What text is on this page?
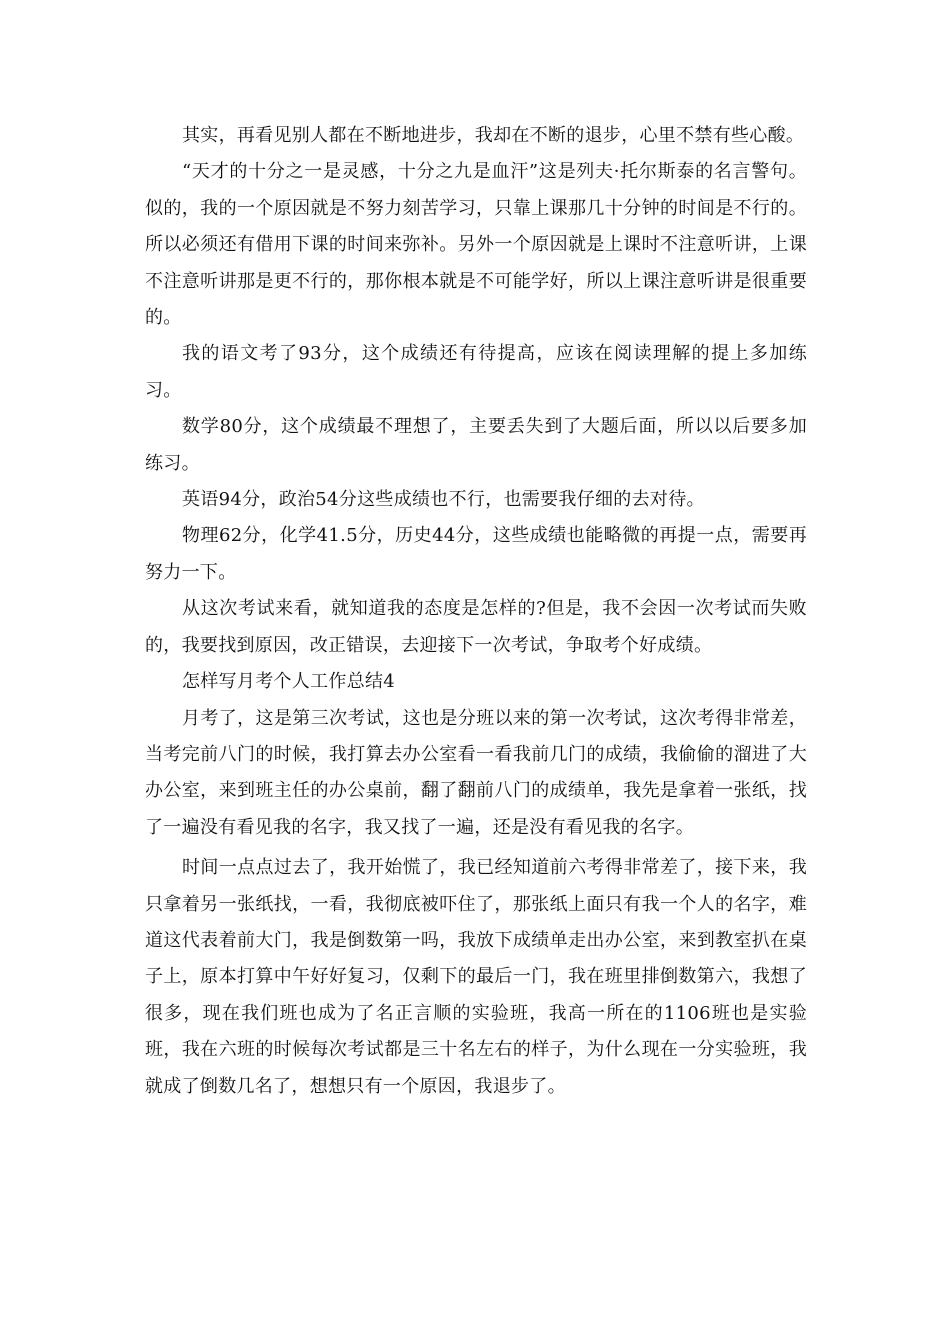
其实，再看见别人都在不断地进步，我却在不断的退步，心里不禁有些心酸。

“天才的十分之一是灵感，十分之九是血汗”这是列夫·托尔斯泰的名言警句。似的，我的一个原因就是不努力刻苦学习，只靠上课那几十分钟的时间是不行的。所以必须还有借用下课的时间来弥补。另外一个原因就是上课时不注意听讲，上课不注意听讲那是更不行的，那你根本就是不可能学好，所以上课注意听讲是很重要的。

我的语文考了93分，这个成绩还有待提高，应该在阅读理解的提上多加练习。

数学80分，这个成绩最不理想了，主要丢失到了大题后面，所以以后要多加练习。

英语94分，政治54分这些成绩也不行，也需要我仔细的去对待。

物理62分，化学41.5分，历史44分，这些成绩也能略微的再提一点，需要再努力一下。

从这次考试来看，就知道我的态度是怎样的?但是，我不会因一次考试而失败的，我要找到原因，改正错误，去迎接下一次考试，争取考个好成绩。

怎样写月考个人工作总结4

月考了，这是第三次考试，这也是分班以来的第一次考试，这次考得非常差，当考完前八门的时候，我打算去办公室看一看我前几门的成绩，我偷偷的溜进了大办公室，来到班主任的办公桌前，翻了翻前八门的成绩单，我先是拿着一张纸，找了一遍没有看见我的名字，我又找了一遍，还是没有看见我的名字。

时间一点点过去了，我开始慌了，我已经知道前六考得非常差了，接下来，我只拿着另一张纸找，一看，我彻底被吓住了，那张纸上面只有我一个人的名字，难道这代表着前大门，我是倒数第一吗，我放下成绩单走出办公室，来到教室扒在桌子上，原本打算中午好好复习，仅剩下的最后一门，我在班里排倒数第六，我想了很多，现在我们班也成为了名正言顺的实验班，我高一所在的1106班也是实验班，我在六班的时候每次考试都是三十名左右的样子，为什么现在一分实验班，我就成了倒数几名了，想想只有一个原因，我退步了。
